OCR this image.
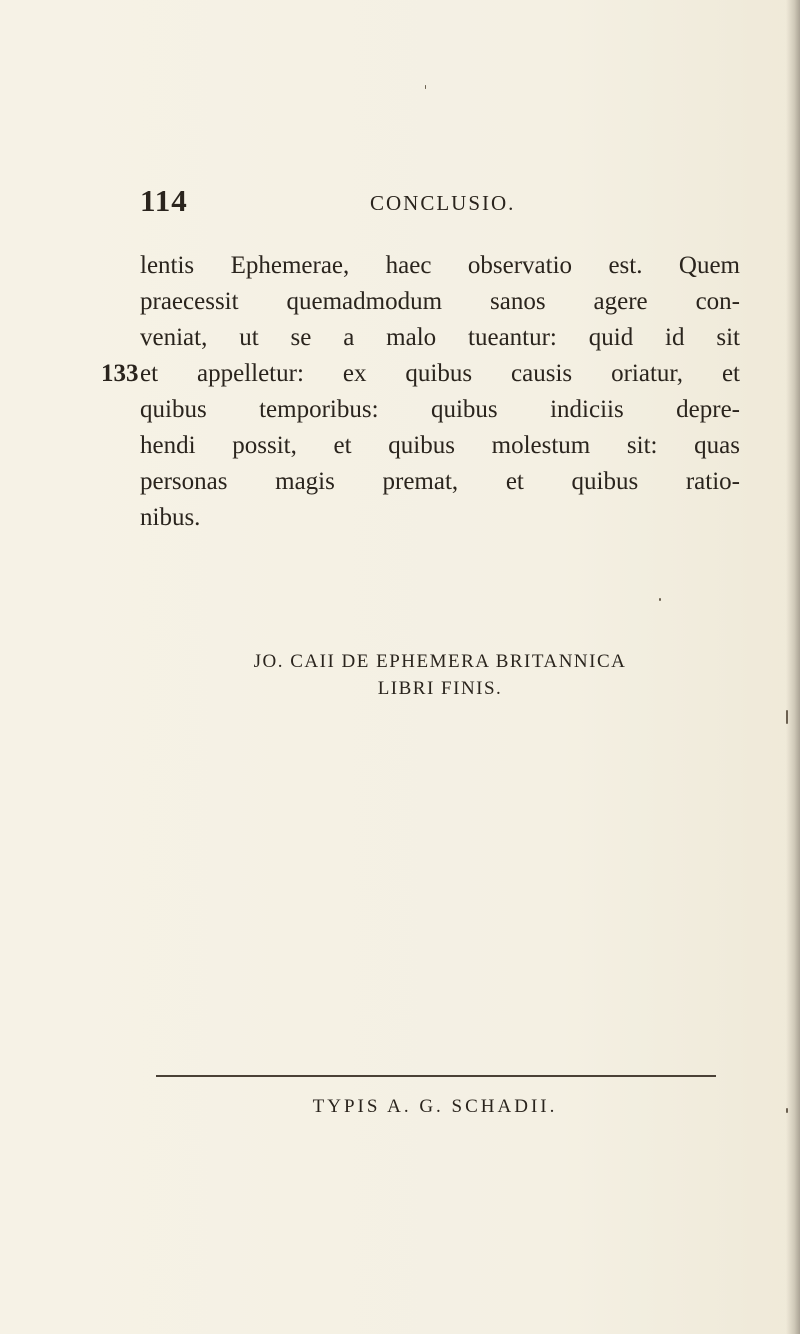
114	CONCLUSIO.
lentis Ephemerae, haec observatio est. Quem
praecessit quemadmodum sanos agere con-
veniat, ut se a malo tueantur: quid id sit
133 et appelletur: ex quibus causis oriatur, et
quibus temporibus: quibus indiciis depre-
hendi possit, et quibus molestum sit: quas
personas magis premat, et quibus ratio-
nibus.
JO. CAII DE EPHEMERA BRITANNICA
LIBRI FINIS.
TYPIS A. G. SCHADII.
